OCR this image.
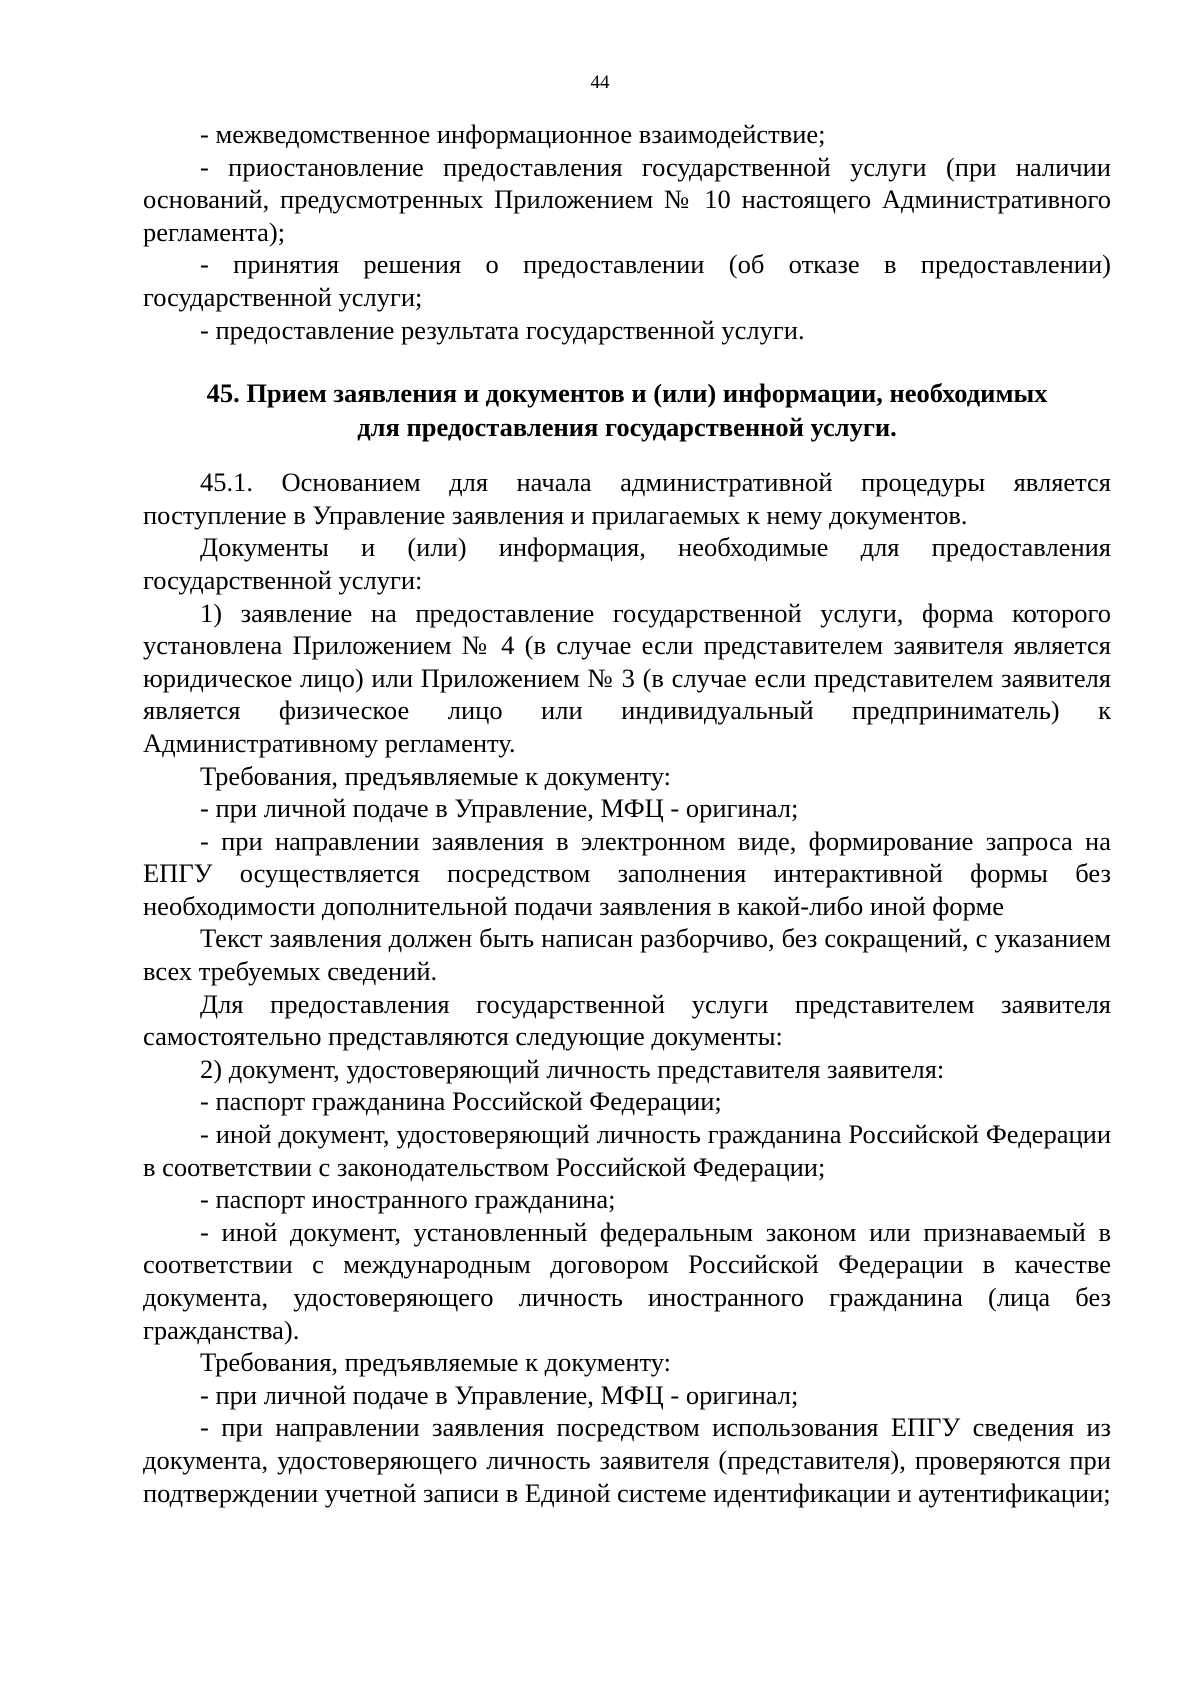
44

- межведомственное информационное взаимодействие;

- приостановление предоставления государственной услуги (при наличии оснований, предусмотренных Приложением № 10 настоящего Административного регламента);

- принятия решения о предоставлении (об отказе в предоставлении) государственной услуги;

- предоставление результата государственной услуги.

45. Прием заявления и документов и (или) информации, необходимых
для предоставления государственной услуги.

45.1. Основанием для начала административной процедуры является поступление в Управление заявления и прилагаемых к нему документов.

Документы и (или) информация, необходимые для предоставления государственной услуги:

1) заявление на предоставление государственной услуги, форма которого установлена Приложением № 4 (в случае если представителем заявителя является юридическое лицо) или Приложением № 3 (в случае если представителем заявителя является физическое лицо или индивидуальный предприниматель) к Административному регламенту.

Требования, предъявляемые к документу:

- при личной подаче в Управление, МФЦ - оригинал;

- при направлении заявления в электронном виде, формирование запроса на ЕПГУ осуществляется посредством заполнения интерактивной формы без необходимости дополнительной подачи заявления в какой-либо иной форме

Текст заявления должен быть написан разборчиво, без сокращений, с указанием всех требуемых сведений.

Для предоставления государственной услуги представителем заявителя самостоятельно представляются следующие документы:

2) документ, удостоверяющий личность представителя заявителя:

- паспорт гражданина Российской Федерации;

- иной документ, удостоверяющий личность гражданина Российской Федерации в соответствии с законодательством Российской Федерации;

- паспорт иностранного гражданина;

- иной документ, установленный федеральным законом или признаваемый в соответствии с международным договором Российской Федерации в качестве документа, удостоверяющего личность иностранного гражданина (лица без гражданства).

Требования, предъявляемые к документу:

- при личной подаче в Управление, МФЦ - оригинал;

- при направлении заявления посредством использования ЕПГУ сведения из документа, удостоверяющего личность заявителя (представителя), проверяются при подтверждении учетной записи в Единой системе идентификации и аутентификации;
